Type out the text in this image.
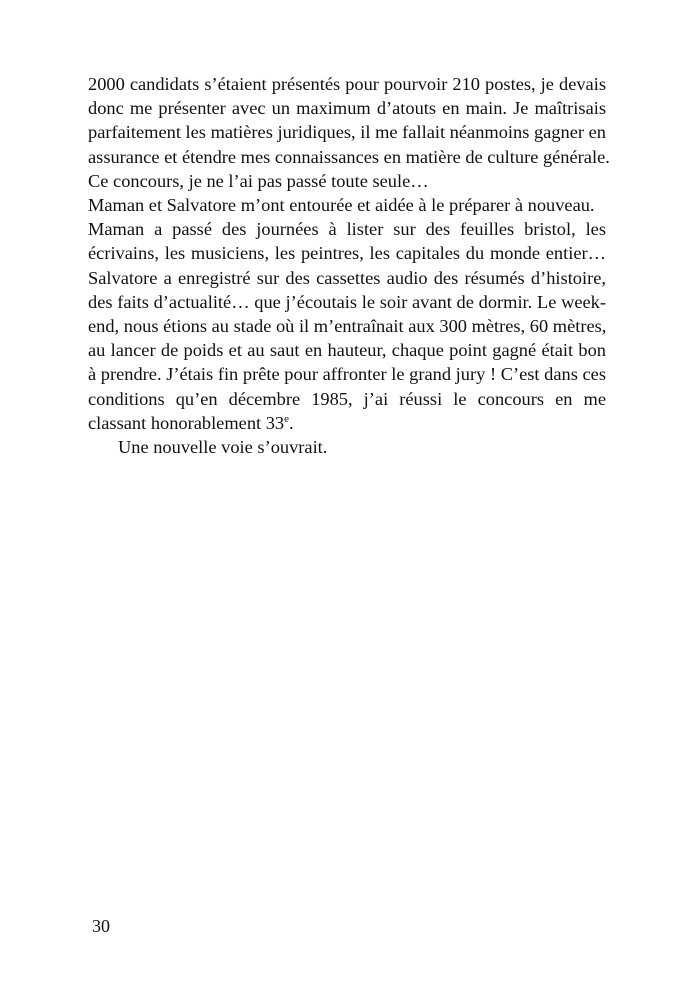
2000 candidats s’étaient présentés pour pourvoir 210 postes, je devais
donc me présenter avec un maximum d’atouts en main. Je maîtrisais
parfaitement les matières juridiques, il me fallait néanmoins gagner en
assurance et étendre mes connaissances en matière de culture générale.
Ce concours, je ne l’ai pas passé toute seule…

Maman et Salvatore m’ont entourée et aidée à le préparer à nouveau.

Maman a passé des journées à lister sur des feuilles bristol, les
écrivains, les musiciens, les peintres, les capitales du monde entier…
Salvatore a enregistré sur des cassettes audio des résumés d’histoire,
des faits d’actualité… que j’écoutais le soir avant de dormir. Le week-
end, nous étions au stade où il m’entraînait aux 300 mètres, 60 mètres,
au lancer de poids et au saut en hauteur, chaque point gagné était bon
à prendre. J’étais fin prête pour affronter le grand jury ! C’est dans ces
conditions qu’en décembre 1985, j’ai réussi le concours en me
classant honorablement 33e.

Une nouvelle voie s’ouvrait.

30
